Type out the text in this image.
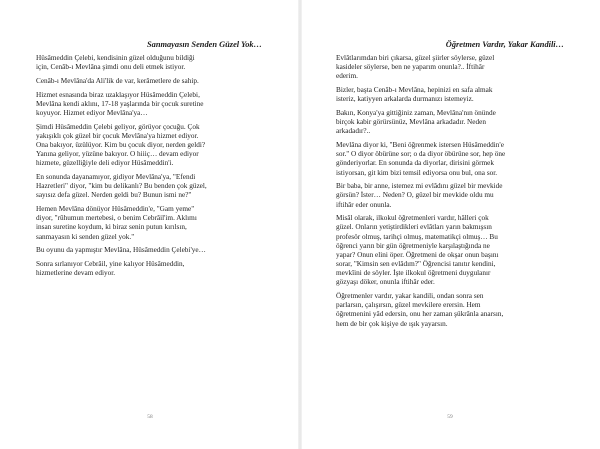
Sanmayasın Senden Güzel Yok…
Hüsâmeddin Çelebi, kendisinin güzel olduğunu bildiği
için, Cenâb-ı Mevlâna şimdi onu deli etmek istiyor.
Cenâb-ı Mevlâna'da Ali'lik de var, kerâmetlere de sahip.
Hizmet esnasında biraz uzaklaşıyor Hüsâmeddin Çelebi,
Mevlâna kendi aklını, 17-18 yaşlarında bir çocuk suretine
koyuyor. Hizmet ediyor Mevlâna'ya…
Şimdi Hüsâmeddin Çelebi geliyor, görüyor çocuğu. Çok
yakışıklı çok güzel bir çocuk Mevlâna'ya hizmet ediyor.
Ona bakıyor, üzülüyor. Kim bu çocuk diyor, nerden geldi?
Yanına geliyor, yüzüne bakıyor. O hiiiç… devam ediyor
hizmete, güzelliğiyle deli ediyor Hüsâmeddin'i.
En sonunda dayanamıyor, gidiyor Mevlâna'ya, "Efendi
Hazretleri" diyor, "kim bu delikanlı? Bu benden çok güzel,
sayısız defa güzel. Nerden geldi bu? Bunun ismi ne?"
Hemen Mevlâna dönüyor Hüsâmeddin'e, "Gam yeme"
diyor, "rûhumun mertebesi, o benim Cebrâil'im. Aklımı
insan suretine koydum, ki biraz senin putun kırılsın,
sanmayasın ki senden güzel yok."
Bu oyunu da yapmıştır Mevlâna, Hüsâmeddin Çelebi'ye…
Sonra sırlanıyor Cebrâil, yine kalıyor Hüsâmeddin,
hizmetlerine devam ediyor.
58
Öğretmen Vardır, Yakar Kandili…
Evlâtlarımdan biri çıkarsa, güzel şiirler söylerse, güzel
kasideler söylerse, ben ne yaparım onunla?.. İftihâr
ederim.
Bizler, başta Cenâb-ı Mevlâna, hepinizi en safa almak
isteriz, katiyyen arkalarda durmanızı istemeyiz.
Bakın, Konya'ya gittiğiniz zaman, Mevlâna'nın önünde
birçok kabir görürsünüz, Mevlâna arkadadır. Neden
arkadadır?..
Mevlâna diyor ki, "Beni öğrenmek istersen Hüsâmeddin'e
sor." O diyor öbürüne sor; o da diyor öbürüne sor, hep öne
gönderiyorlar. En sonunda da diyorlar, dirisini görmek
istiyorsan, git kim bizi temsil ediyorsa onu bul, ona sor.
Bir baba, bir anne, istemez mi evlâdını güzel bir mevkide
görsün? İster… Neden? O, güzel bir mevkide oldu mu
iftihâr eder onunla.
Misâl olarak, ilkokul öğretmenleri vardır, hâlleri çok
güzel. Onların yetiştirdikleri evlâtları yarın bakmışsın
profesör olmuş, tarihçi olmuş, matematikçi olmuş… Bu
öğrenci yarın bir gün öğretmeniyle karşılaştığında ne
yapar? Onun elini öper. Öğretmeni de okşar onun başını
sorar, "Kimsin sen evlâdım?" Öğrencisi tanıtır kendini,
mevkîini de söyler. İşte ilkokul öğretmeni duygulanır
gözyaşı döker, onunla iftihâr eder.
Öğretmenler vardır, yakar kandili, ondan sonra sen
parlarsın, çalışırsın, güzel mevkilere erersin. Hem
öğretmenini yâd edersin, onu her zaman şükrânla anarsın,
hem de bir çok kişiye de ışık yayarsın.
59
